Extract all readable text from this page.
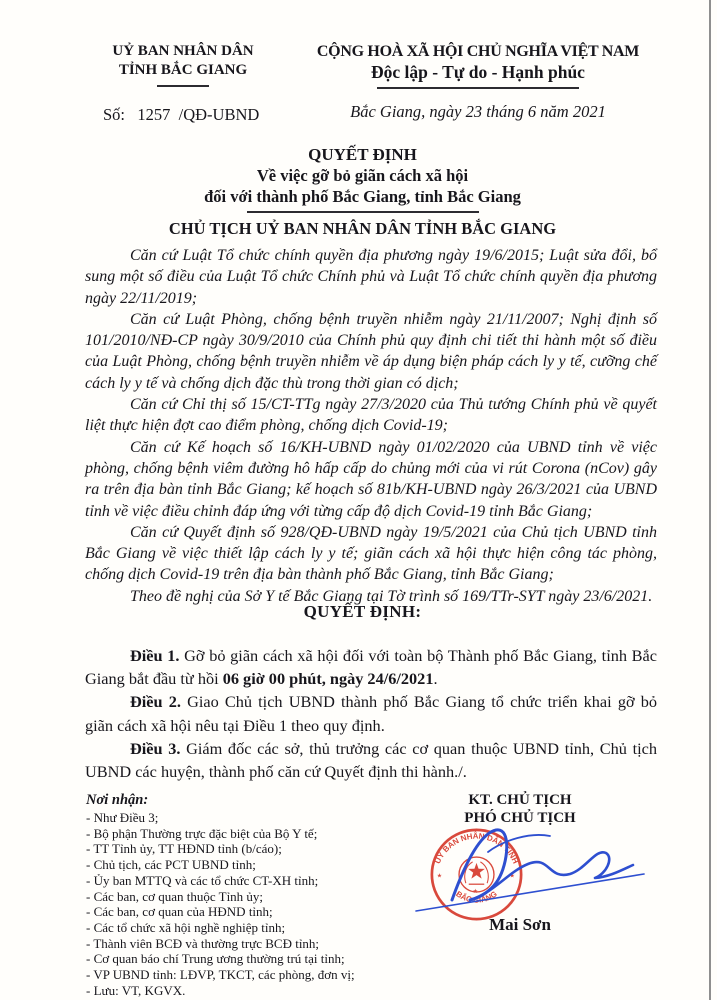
UỶ BAN NHÂN DÂN
TỈNH BẮC GIANG
CỘNG HOÀ XÃ HỘI CHỦ NGHĨA VIỆT NAM
Độc lập - Tự do - Hạnh phúc
Số:   1257  /QĐ-UBND	Bắc Giang, ngày 23 tháng 6 năm 2021
QUYẾT ĐỊNH
Về việc gỡ bỏ giãn cách xã hội
đối với thành phố Bắc Giang, tỉnh Bắc Giang
CHỦ TỊCH UỶ BAN NHÂN DÂN TỈNH BẮC GIANG

Căn cứ Luật Tổ chức chính quyền địa phương ngày 19/6/2015; Luật sửa đổi, bổ sung một số điều của Luật Tổ chức Chính phủ và Luật Tổ chức chính quyền địa phương ngày 22/11/2019;

Căn cứ Luật Phòng, chống bệnh truyền nhiễm ngày 21/11/2007; Nghị định số 101/2010/NĐ-CP ngày 30/9/2010 của Chính phủ quy định chi tiết thi hành một số điều của Luật Phòng, chống bệnh truyền nhiễm về áp dụng biện pháp cách ly y tế, cưỡng chế cách ly y tế và chống dịch đặc thù trong thời gian có dịch;

Căn cứ Chỉ thị số 15/CT-TTg ngày 27/3/2020 của Thủ tướng Chính phủ về quyết liệt thực hiện đợt cao điểm phòng, chống dịch Covid-19;

Căn cứ Kế hoạch số 16/KH-UBND ngày 01/02/2020 của UBND tỉnh về việc phòng, chống bệnh viêm đường hô hấp cấp do chủng mới của vi rút Corona (nCov) gây ra trên địa bàn tỉnh Bắc Giang; kế hoạch số 81b/KH-UBND ngày 26/3/2021 của UBND tỉnh về việc điều chỉnh đáp ứng với từng cấp độ dịch Covid-19 tỉnh Bắc Giang;

Căn cứ Quyết định số 928/QĐ-UBND ngày 19/5/2021 của Chủ tịch UBND tỉnh Bắc Giang về việc thiết lập cách ly y tế; giãn cách xã hội thực hiện công tác phòng, chống dịch Covid-19 trên địa bàn thành phố Bắc Giang, tỉnh Bắc Giang;

Theo đề nghị của Sở Y tế Bắc Giang tại Tờ trình số 169/TTr-SYT ngày 23/6/2021.

QUYẾT ĐỊNH:

Điều 1. Gỡ bỏ giãn cách xã hội đối với toàn bộ Thành phố Bắc Giang, tỉnh Bắc Giang bắt đầu từ hồi 06 giờ 00 phút, ngày 24/6/2021.

Điều 2. Giao Chủ tịch UBND thành phố Bắc Giang tổ chức triển khai gỡ bỏ giãn cách xã hội nêu tại Điều 1 theo quy định.

Điều 3. Giám đốc các sở, thủ trưởng các cơ quan thuộc UBND tỉnh, Chủ tịch UBND các huyện, thành phố căn cứ Quyết định thi hành./.

Nơi nhận:
- Như Điều 3;
- Bộ phận Thường trực đặc biệt của Bộ Y tế;
- TT Tỉnh ủy, TT HĐND tỉnh (b/cáo);
- Chủ tịch, các PCT UBND tỉnh;
- Ủy ban MTTQ và các tổ chức CT-XH tỉnh;
- Các ban, cơ quan thuộc Tỉnh ủy;
- Các ban, cơ quan của HĐND tỉnh;
- Các tổ chức xã hội nghề nghiệp tỉnh;
- Thành viên BCĐ và thường trực BCĐ tỉnh;
- Cơ quan báo chí Trung ương thường trú tại tỉnh;
- VP UBND tỉnh: LĐVP, TKCT, các phòng, đơn vị;
- Lưu: VT, KGVX.
KT. CHỦ TỊCH
PHÓ CHỦ TỊCH
UỶ BAN NHÂN DÂN TỈNH
BẮC GIANG
★	★
★
Mai Sơn
